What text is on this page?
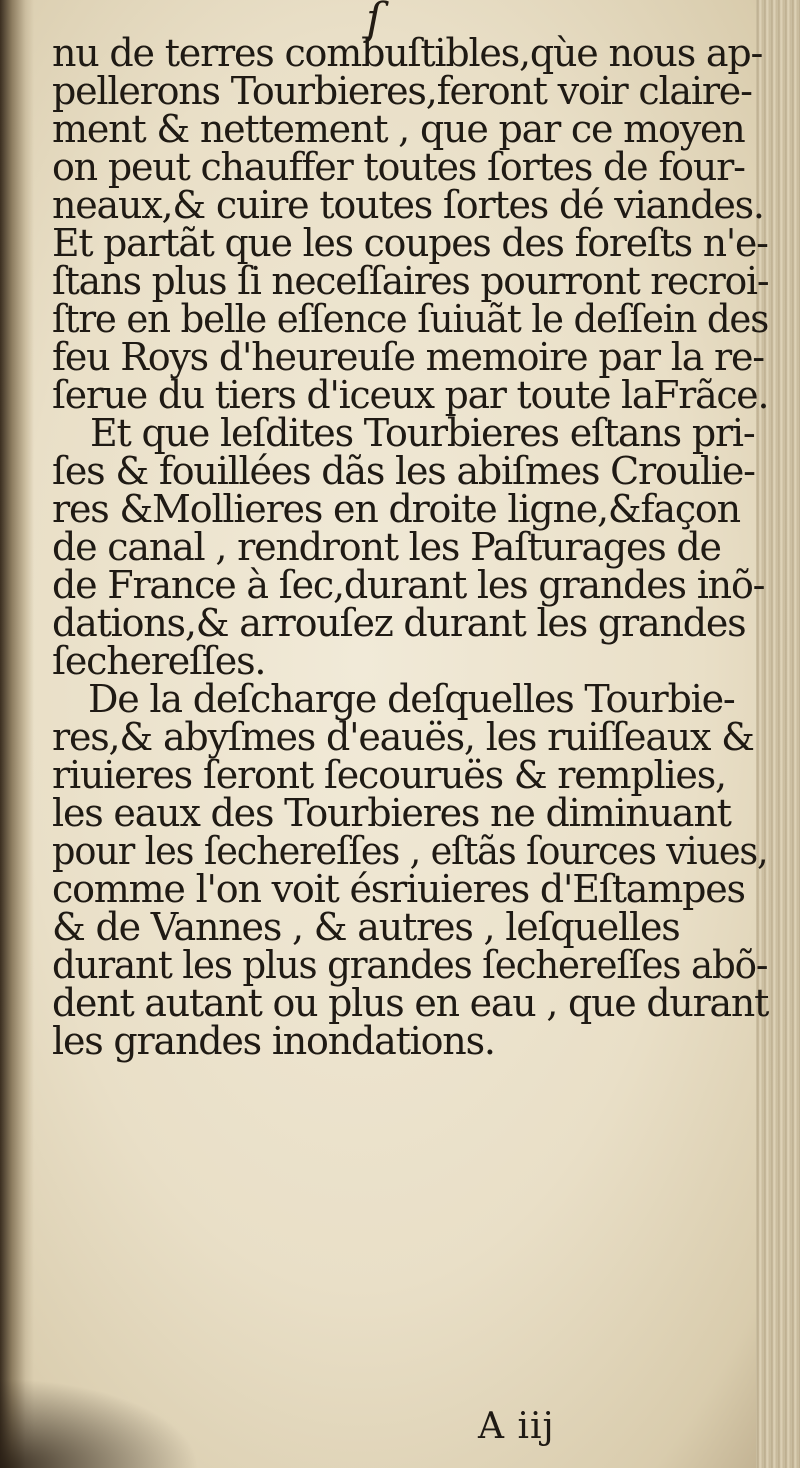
ſ
nu de terres combuſtibles,qùe nous ap-
pellerons Tourbieres,feront voir claire-
ment & nettement , que par ce moyen
on peut chauffer toutes ſortes de four-
neaux,& cuire toutes ſortes dé viandes.
Et partãt que les coupes des foreſts n'e-
ſtans plus ſi neceſſaires pourront recroi-
ſtre en belle eſſence ſuiuãt le deſſein des
feu Roys d'heureuſe memoire par la re-
ſerue du tiers d'iceux par toute laFrãce.
Et que leſdites Tourbieres eſtans pri-
ſes & fouillées dãs les abiſmes Croulie-
res &Mollieres en droite ligne,&façon
de canal , rendront les Paſturages de
de France à ſec,durant les grandes inõ-
dations,& arrouſez durant les grandes
ſechereſſes.
De la deſcharge deſquelles Tourbie-
res,& abyſmes d'eauës, les ruiſſeaux &
riuieres ſeront ſecouruës & remplies,
les eaux des Tourbieres ne diminuant
pour les ſechereſſes , eſtãs ſources viues,
comme l'on voit ésriuieres d'Eſtampes
& de Vannes , & autres , leſquelles
durant les plus grandes ſechereſſes abõ-
dent autant ou plus en eau , que durant
les grandes inondations.
A iij
